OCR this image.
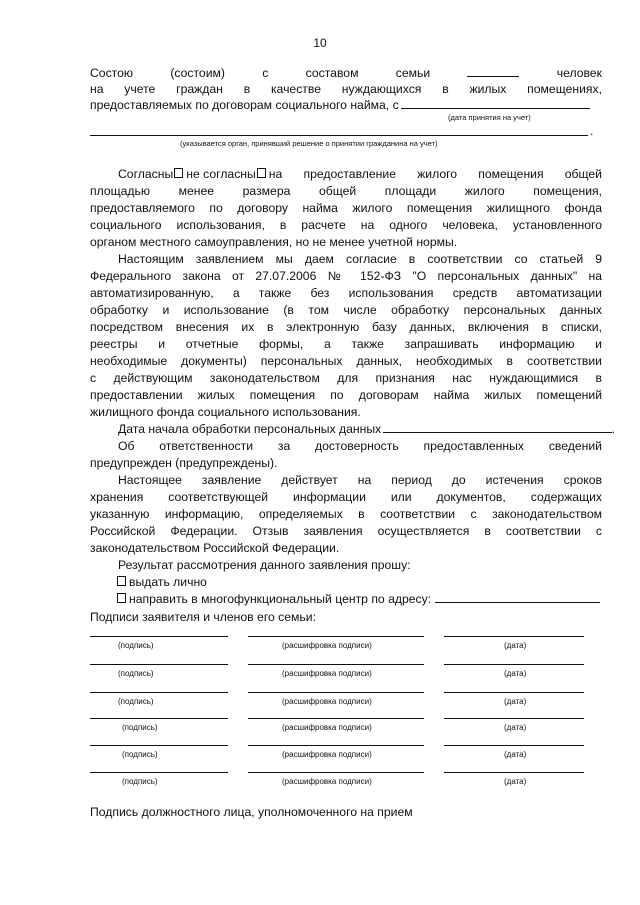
10
Состою	(состоим)	с	составом	семьи	человек
на учете граждан в качестве нуждающихся в жилых помещениях,
предоставляемых по договорам социального найма, с
(дата принятия на учет)
.
(указывается орган, принявший решение о принятии гражданина на учет)
Согласны не согласны на предоставление жилого помещения общей
площадью менее размера общей площади жилого помещения,
предоставляемого по договору найма жилого помещения жилищного фонда
социального использования, в расчете на одного человека, установленного
органом местного самоуправления, но не менее учетной нормы.
Настоящим заявлением мы даем согласие в соответствии со статьей 9
Федерального закона от 27.07.2006 № 152-ФЗ "О персональных данных" на
автоматизированную, а также без использования средств автоматизации
обработку и использование (в том числе обработку персональных данных
посредством внесения их в электронную базу данных, включения в списки,
реестры и отчетные формы, а также запрашивать информацию и
необходимые документы) персональных данных, необходимых в соответствии
с действующим законодательством для признания нас нуждающимися в
предоставлении жилых помещения по договорам найма жилых помещений
жилищного фонда социального использования.
Дата начала обработки персональных данных	.
Об ответственности за достоверность предоставленных сведений
предупрежден (предупреждены).
Настоящее заявление действует на период до истечения сроков
хранения соответствующей информации или документов, содержащих
указанную информацию, определяемых в соответствии с законодательством
Российской Федерации. Отзыв заявления осуществляется в соответствии с
законодательством Российской Федерации.
Результат рассмотрения данного заявления прошу:
выдать лично
направить в многофункциональный центр по адресу:
Подписи заявителя и членов его семьи:
(подпись)	(расшифровка подписи)	(дата)
(подпись)	(расшифровка подписи)	(дата)
(подпись)	(расшифровка подписи)	(дата)
(подпись)	(расшифровка подписи)	(дата)
(подпись)	(расшифровка подписи)	(дата)
(подпись)	(расшифровка подписи)	(дата)
Подпись должностного лица, уполномоченного на прием
